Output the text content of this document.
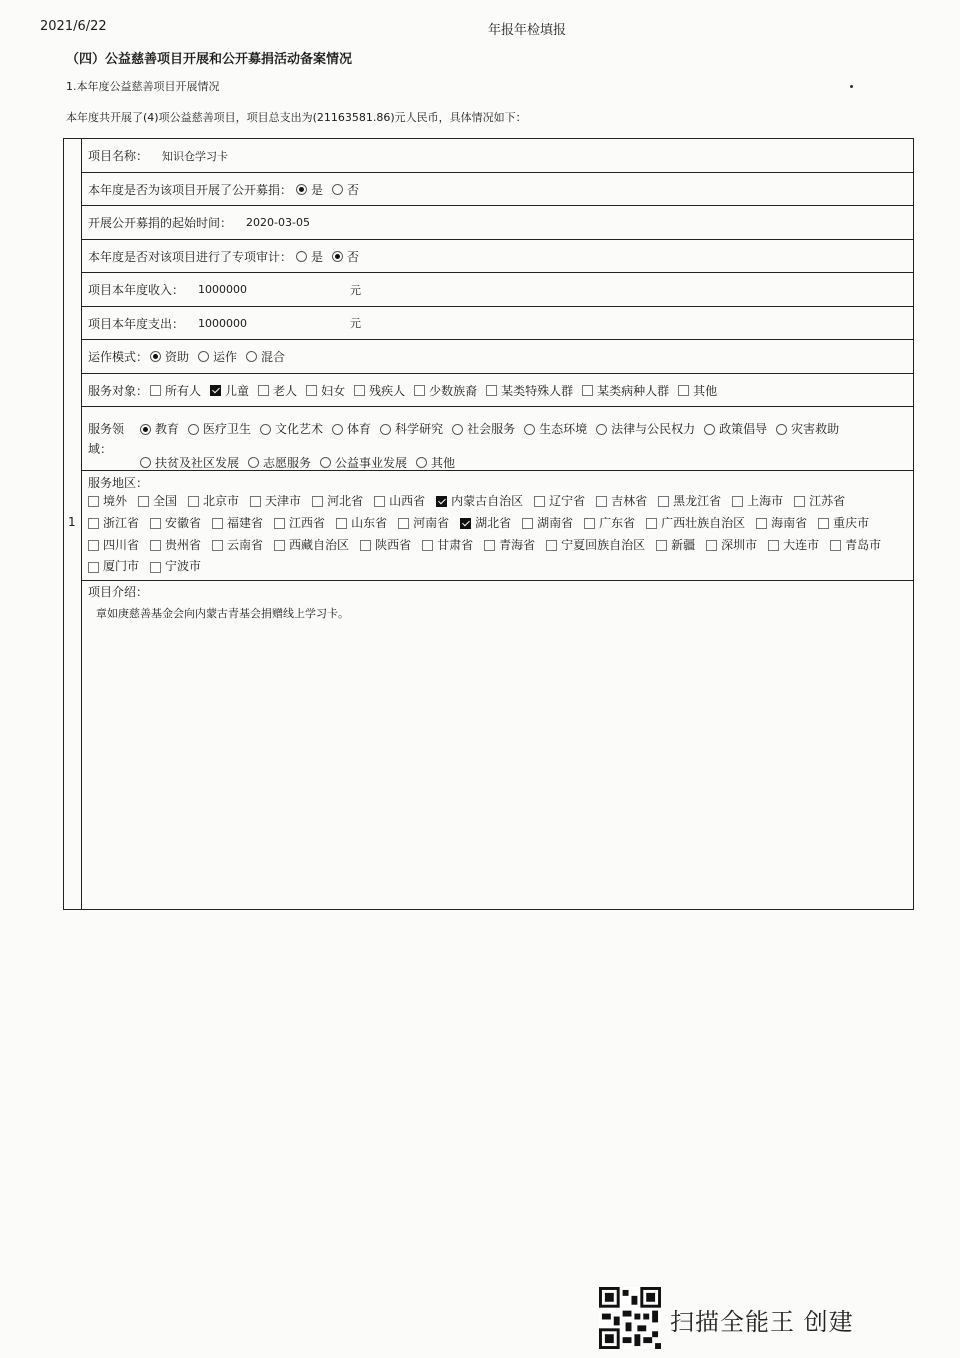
2021/6/22	年报年检填报
（四）公益慈善项目开展和公开募捐活动备案情况
1.本年度公益慈善项目开展情况
本年度共开展了(4)项公益慈善项目，项目总支出为(21163581.86)元人民币，具体情况如下：
1
项目名称： 知识仓学习卡
本年度是否为该项目开展了公开募捐： 是 否
开展公开募捐的起始时间： 2020-03-05
本年度是否对该项目进行了专项审计： 是 否
项目本年度收入： 1000000	元
项目本年度支出： 1000000	元
运作模式： 资助 运作 混合
服务对象： 所有人 儿童 老人 妇女 残疾人 少数族裔 某类特殊人群 某类病种人群 其他
服务领域：
教育 医疗卫生 文化艺术 体育 科学研究 社会服务 生态环境 法律与公民权力 政策倡导 灾害救助
扶贫及社区发展 志愿服务 公益事业发展 其他
服务地区：
境外 全国 北京市 天津市 河北省 山西省 内蒙古自治区 辽宁省 吉林省 黑龙江省 上海市 江苏省
浙江省 安徽省 福建省 江西省 山东省 河南省 湖北省 湖南省 广东省 广西壮族自治区 海南省 重庆市
四川省 贵州省 云南省 西藏自治区 陕西省 甘肃省 青海省 宁夏回族自治区 新疆 深圳市 大连市 青岛市
厦门市 宁波市
项目介绍：
章如庚慈善基金会向内蒙古青基会捐赠线上学习卡。
扫描全能王 创建
